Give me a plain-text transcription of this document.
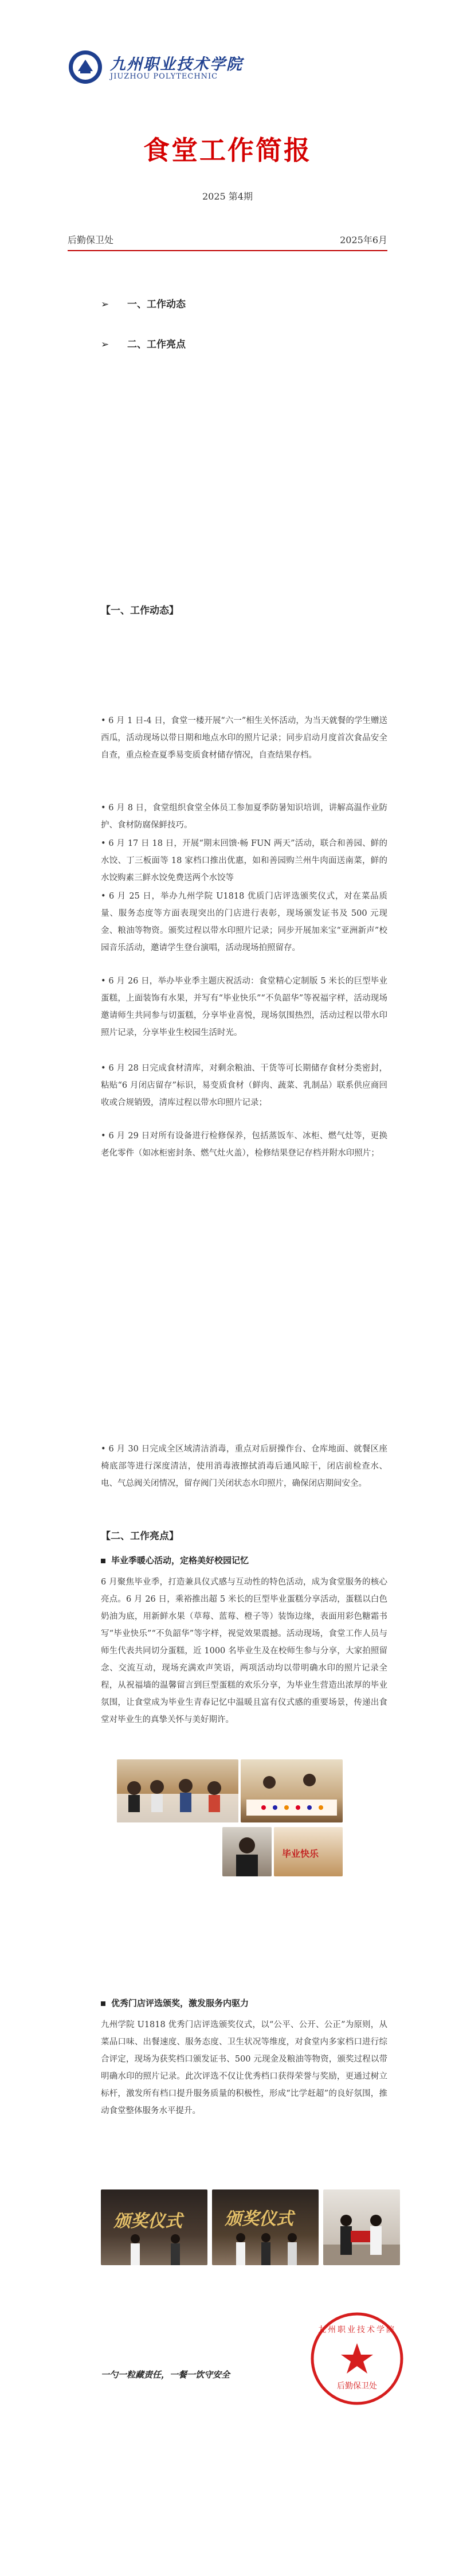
九州职业技术学院
JIUZHOU POLYTECHNIC
食堂工作简报
2025 第4期
后勤保卫处	2025年6月
➢ 一、工作动态
➢ 二、工作亮点
【一、工作动态】
• 6 月 1 日-4 日，食堂一楼开展“六一”相生关怀活动，为当天就餐的学生赠送西瓜，活动现场以带日期和地点水印的照片记录；同步启动月度首次食品安全自查，重点检查夏季易变质食材储存情况，自查结果存档。
• 6 月 8 日，食堂组织食堂全体员工参加夏季防暑知识培训，讲解高温作业防护、食材防腐保鲜技巧。
• 6 月 17 日 18 日，开展“期末回馈·畅 FUN 两天”活动，联合和善园、鲜的水饺、丁三板面等 18 家档口推出优惠，如和善园购兰州牛肉面送南菜，鲜的水饺购素三鲜水饺免费送两个水饺等
• 6 月 25 日，举办九州学院 U1818 优质门店评选颁奖仪式，对在菜品质量、服务态度等方面表现突出的门店进行表彰，现场颁发证书及 500 元现金、粮油等物资。颁奖过程以带水印照片记录；同步开展加来宝“亚洲新声”校园音乐活动，邀请学生登台演唱，活动现场拍照留存。
• 6 月 26 日，举办毕业季主题庆祝活动：食堂精心定制版 5 米长的巨型毕业蛋糕，上面装饰有水果，并写有“毕业快乐”“不负韶华”等祝福字样，活动现场邀请师生共同参与切蛋糕，分享毕业喜悦，现场氛围热烈，活动过程以带水印照片记录，分享毕业生校园生活时光。
• 6 月 28 日完成食材清库，对剩余粮油、干货等可长期储存食材分类密封，粘贴“6 月闭店留存”标识，易变质食材（鲜肉、蔬菜、乳制品）联系供应商回收或合规销毁，清库过程以带水印照片记录；
• 6 月 29 日对所有设备进行检修保养，包括蒸饭车、冰柜、燃气灶等，更换老化零件（如冰柜密封条、燃气灶火盖），检修结果登记存档并附水印照片；
• 6 月 30 日完成全区域清洁消毒，重点对后厨操作台、仓库地面、就餐区座椅底部等进行深度清洁，使用消毒液擦拭消毒后通风晾干，闭店前检查水、电、气总阀关闭情况，留存阀门关闭状态水印照片，确保闭店期间安全。
【二、工作亮点】
毕业季暖心活动，定格美好校园记忆
6 月聚焦毕业季，打造兼具仪式感与互动性的特色活动，成为食堂服务的核心亮点。6 月 26 日，乘裕推出超 5 米长的巨型毕业蛋糕分享活动，蛋糕以白色奶油为底，用新鲜水果（草莓、蓝莓、橙子等）装饰边缘，表面用彩色糖霜书写“毕业快乐”“不负韶华”等字样，视觉效果震撼。活动现场，食堂工作人员与师生代表共同切分蛋糕，近 1000 名毕业生及在校师生参与分享，大家拍照留念、交流互动，现场充满欢声笑语，两项活动均以带明确水印的照片记录全程，从祝福墙的温馨留言到巨型蛋糕的欢乐分享，为毕业生营造出浓厚的毕业氛围，让食堂成为毕业生青春记忆中温暖且富有仪式感的重要场景，传递出食堂对毕业生的真挚关怀与美好期许。
毕业快乐
优秀门店评选颁奖，激发服务内驱力
九州学院 U1818 优秀门店评选颁奖仪式，以“公平、公开、公正”为原则，从菜品口味、出餐速度、服务态度、卫生状况等维度，对食堂内多家档口进行综合评定，现场为获奖档口颁发证书、500 元现金及粮油等物资，颁奖过程以带明确水印的照片记录。此次评选不仅让优秀档口获得荣誉与奖励，更通过树立标杆，激发所有档口提升服务质量的积极性，形成“比学赶超”的良好氛围，推动食堂整体服务水平提升。
颁奖仪式 颁奖仪式
一勺一粒藏责任，一餐一饮守安全
九州职业技术学院
后勤保卫处
